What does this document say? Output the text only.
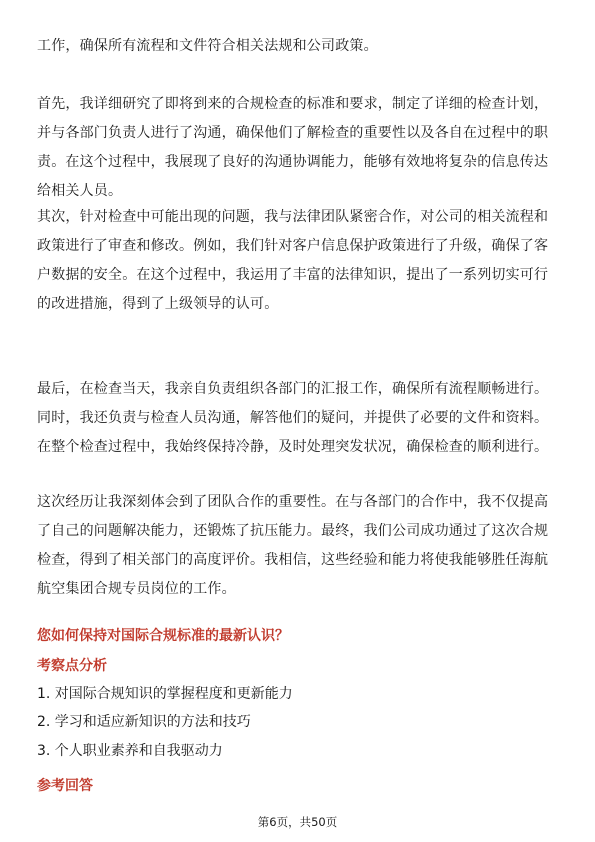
工作，确保所有流程和文件符合相关法规和公司政策。
首先，我详细研究了即将到来的合规检查的标准和要求，制定了详细的检查计划，
并与各部门负责人进行了沟通，确保他们了解检查的重要性以及各自在过程中的职
责。在这个过程中，我展现了良好的沟通协调能力，能够有效地将复杂的信息传达
给相关人员。
其次，针对检查中可能出现的问题，我与法律团队紧密合作，对公司的相关流程和
政策进行了审查和修改。例如，我们针对客户信息保护政策进行了升级，确保了客
户数据的安全。在这个过程中，我运用了丰富的法律知识，提出了一系列切实可行
的改进措施，得到了上级领导的认可。
最后，在检查当天，我亲自负责组织各部门的汇报工作，确保所有流程顺畅进行。
同时，我还负责与检查人员沟通，解答他们的疑问，并提供了必要的文件和资料。
在整个检查过程中，我始终保持冷静，及时处理突发状况，确保检查的顺利进行。
这次经历让我深刻体会到了团队合作的重要性。在与各部门的合作中，我不仅提高
了自己的问题解决能力，还锻炼了抗压能力。最终，我们公司成功通过了这次合规
检查，得到了相关部门的高度评价。我相信，这些经验和能力将使我能够胜任海航
航空集团合规专员岗位的工作。
您如何保持对国际合规标准的最新认识？
考察点分析
1. 对国际合规知识的掌握程度和更新能力
2. 学习和适应新知识的方法和技巧
3. 个人职业素养和自我驱动力
参考回答
第6页，共50页
